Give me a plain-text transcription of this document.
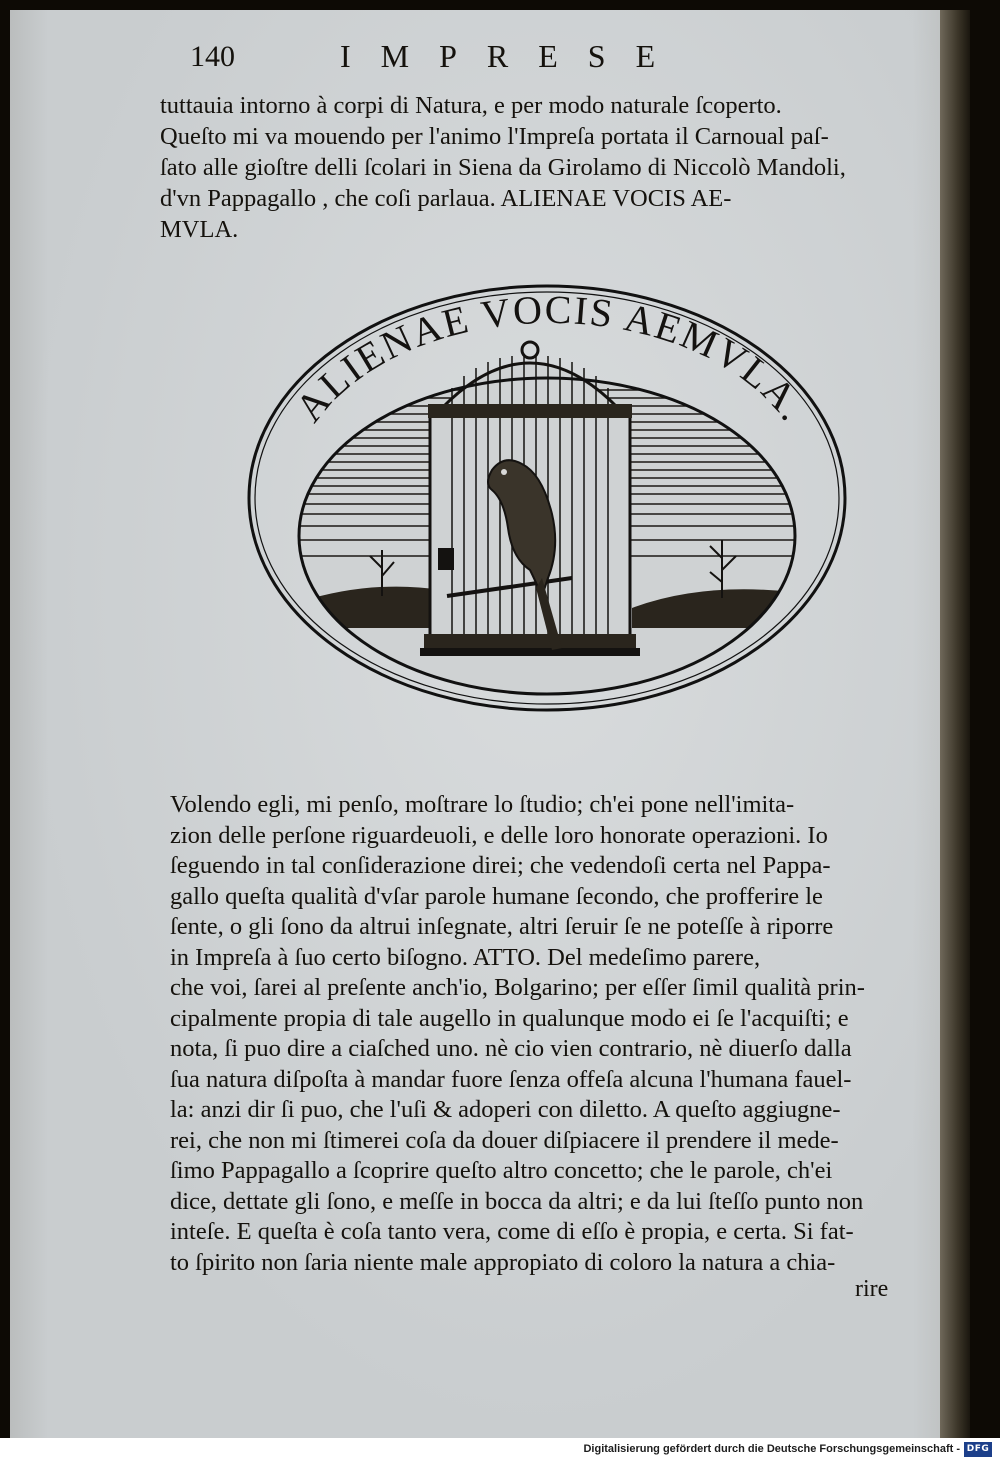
140	IMPRESE
tuttauia intorno à corpi di Natura, e per modo naturale ſcoperto.
Queſto mi va mouendo per l'animo l'Impreſa portata il Carnoual paſ-
ſato alle gioſtre delli ſcolari in Siena da Girolamo di Niccolò Mandoli,
d'vn Pappagallo , che coſi parlaua. ALIENAE VOCIS AE-
MVLA.
ALIENAE VOCIS AEMVLA.
Volendo egli, mi penſo, moſtrare lo ſtudio; ch'ei pone nell'imita-
zion delle perſone riguardeuoli, e delle loro honorate operazioni. Io
ſeguendo in tal conſiderazione direi; che vedendoſi certa nel Pappa-
gallo queſta qualità d'vſar parole humane ſecondo, che profferire le
ſente, o gli ſono da altrui inſegnate, altri ſeruir ſe ne poteſſe à riporre
in Impreſa à ſuo certo biſogno. ATTO. Del medeſimo parere,
che voi, ſarei al preſente anch'io, Bolgarino; per eſſer ſimil qualità prin-
cipalmente propia di tale augello in qualunque modo ei ſe l'acquiſti; e
nota, ſi puo dire a ciaſched uno. nè cio vien contrario, nè diuerſo dalla
ſua natura diſpoſta à mandar fuore ſenza offeſa alcuna l'humana fauel-
la: anzi dir ſi puo, che l'uſi & adoperi con diletto. A queſto aggiugne-
rei, che non mi ſtimerei coſa da douer diſpiacere il prendere il mede-
ſimo Pappagallo a ſcoprire queſto altro concetto; che le parole, ch'ei
dice, dettate gli ſono, e meſſe in bocca da altri; e da lui ſteſſo punto non
inteſe. E queſta è coſa tanto vera, come di eſſo è propia, e certa. Si fat-
to ſpirito non ſaria niente male appropiato di coloro la natura a chia-
rire
Digitalisierung gefördert durch die Deutsche Forschungsgemeinschaft - DFG
